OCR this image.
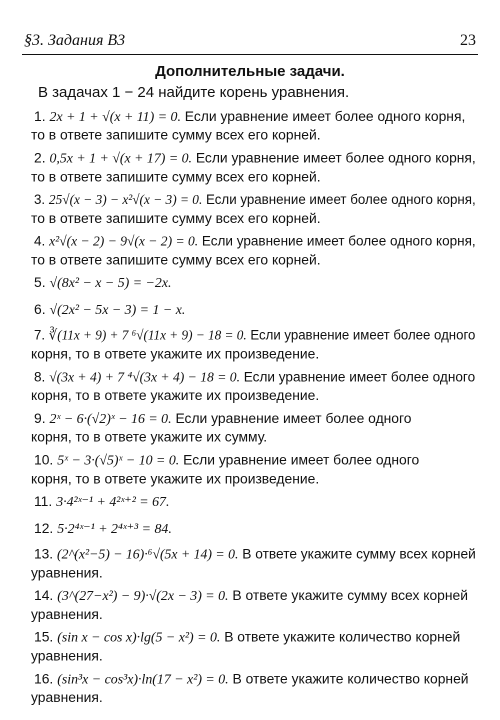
§3. Задания B3	23
Дополнительные задачи.
В задачах 1 − 24 найдите корень уравнения.
1. 2x + 1 + √(x + 11) = 0. Если уравнение имеет более одного корня,
то в ответе запишите сумму всех его корней.
2. 0,5x + 1 + √(x + 17) = 0. Если уравнение имеет более одного корня,
то в ответе запишите сумму всех его корней.
3. 25√(x − 3) − x²√(x − 3) = 0. Если уравнение имеет более одного корня,
то в ответе запишите сумму всех его корней.
4. x²√(x − 2) − 9√(x − 2) = 0. Если уравнение имеет более одного корня,
то в ответе запишите сумму всех его корней.
5. √(8x² − x − 5) = −2x.
6. √(2x² − 5x − 3) = 1 − x.
7. ∛(11x + 9) + 7 ⁶√(11x + 9) − 18 = 0. Если уравнение имеет более одного
корня, то в ответе укажите их произведение.
8. √(3x + 4) + 7 ⁴√(3x + 4) − 18 = 0. Если уравнение имеет более одного
корня, то в ответе укажите их произведение.
9. 2ˣ − 6·(√2)ˣ − 16 = 0. Если уравнение имеет более одного
корня, то в ответе укажите их сумму.
10. 5ˣ − 3·(√5)ˣ − 10 = 0. Если уравнение имеет более одного
корня, то в ответе укажите их произведение.
11. 3·4²ˣ⁻¹ + 4²ˣ⁺² = 67.
12. 5·2⁴ˣ⁻¹ + 2⁴ˣ⁺³ = 84.
13. (2^(x²−5) − 16)·⁶√(5x + 14) = 0. В ответе укажите сумму всех корней
уравнения.
14. (3^(27−x²) − 9)·√(2x − 3) = 0. В ответе укажите сумму всех корней
уравнения.
15. (sin x − cos x)·lg(5 − x²) = 0. В ответе укажите количество корней
уравнения.
16. (sin³x − cos³x)·ln(17 − x²) = 0. В ответе укажите количество корней
уравнения.
